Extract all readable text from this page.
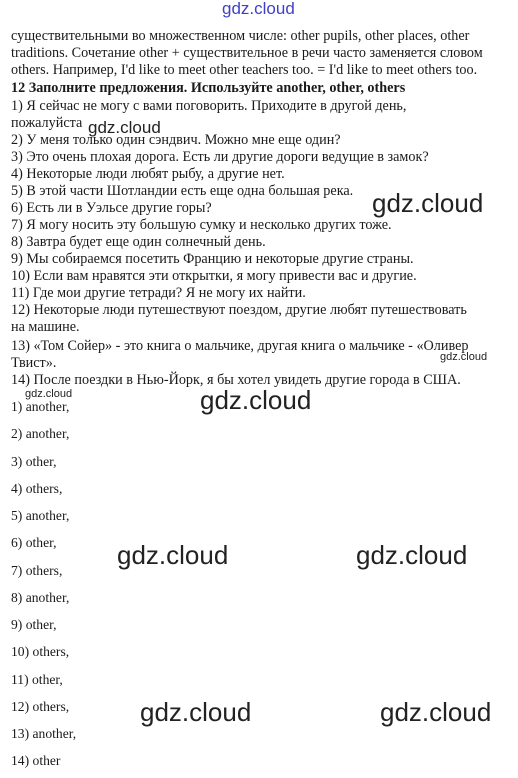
gdz.cloud
существительными во множественном числе: other pupils, other places, other
traditions. Сочетание other + существительное в речи часто заменяется словом
others. Например, I'd like to meet other teachers too. = I'd like to meet others too.
12 Заполните предложения. Используйте another, other, others
1) Я сейчас не могу с вами поговорить. Приходите в другой день,
пожалуйста
2) У меня только один сэндвич. Можно мне еще один?
3) Это очень плохая дорога. Есть ли другие дороги ведущие в замок?
4) Некоторые люди любят рыбу, а другие нет.
5) В этой части Шотландии есть еще одна большая река.
6) Есть ли в Уэльсе другие горы?
7) Я могу носить эту большую сумку и несколько других тоже.
8) Завтра будет еще один солнечный день.
9) Мы собираемся посетить Францию и некоторые другие страны.
10) Если вам нравятся эти открытки, я могу привести вас и другие.
11) Где мои другие тетради? Я не могу их найти.
12) Некоторые люди путешествуют поездом, другие любят путешествовать
на машине.
13) «Том Сойер» - это книга о мальчике, другая книга о мальчике - «Оливер
Твист».
14) После поездки в Нью-Йорк, я бы хотел увидеть другие города в США.
1) another,
2) another,
3) other,
4) others,
5) another,
6) other,
7) others,
8) another,
9) other,
10) others,
11) other,
12) others,
13) another,
14) other
gdz.cloud
gdz.cloud
gdz.cloud
gdz.cloud	gdz.cloud
gdz.cloud	gdz.cloud
gdz.cloud	gdz.cloud
